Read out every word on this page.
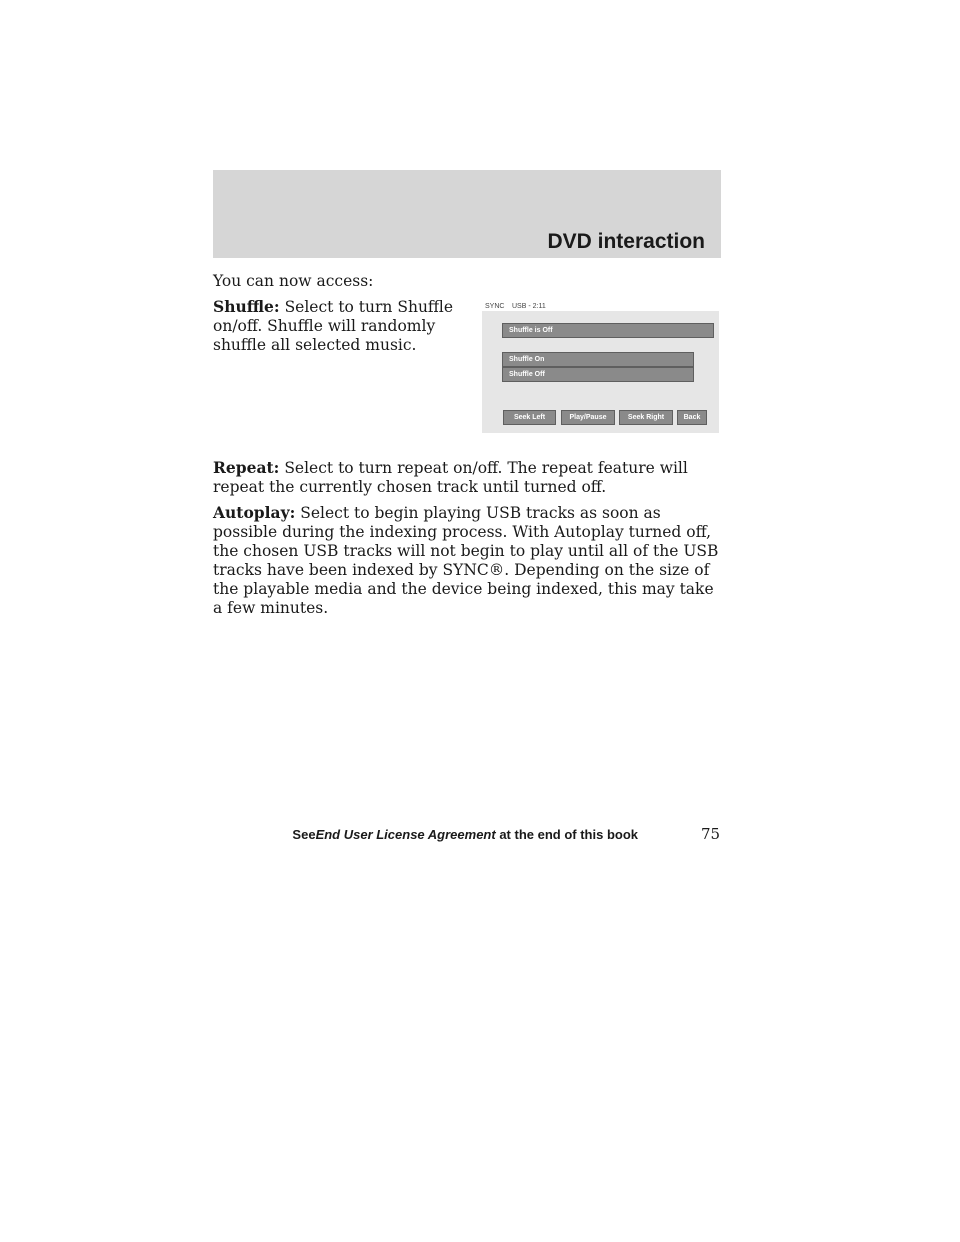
DVD interaction

You can now access:

Shuffle: Select to turn Shuffle on/off. Shuffle will randomly shuffle all selected music.

SYNC USB - 2:11
Shuffle is Off
Shuffle On
Shuffle Off
Seek Left	Play/Pause	Seek Right	Back

Repeat: Select to turn repeat on/off. The repeat feature will repeat the currently chosen track until turned off.

Autoplay: Select to begin playing USB tracks as soon as possible during the indexing process. With Autoplay turned off, the chosen USB tracks will not begin to play until all of the USB tracks have been indexed by SYNC®. Depending on the size of the playable media and the device being indexed, this may take a few minutes.

SeeEnd User License Agreement at the end of this book	75
